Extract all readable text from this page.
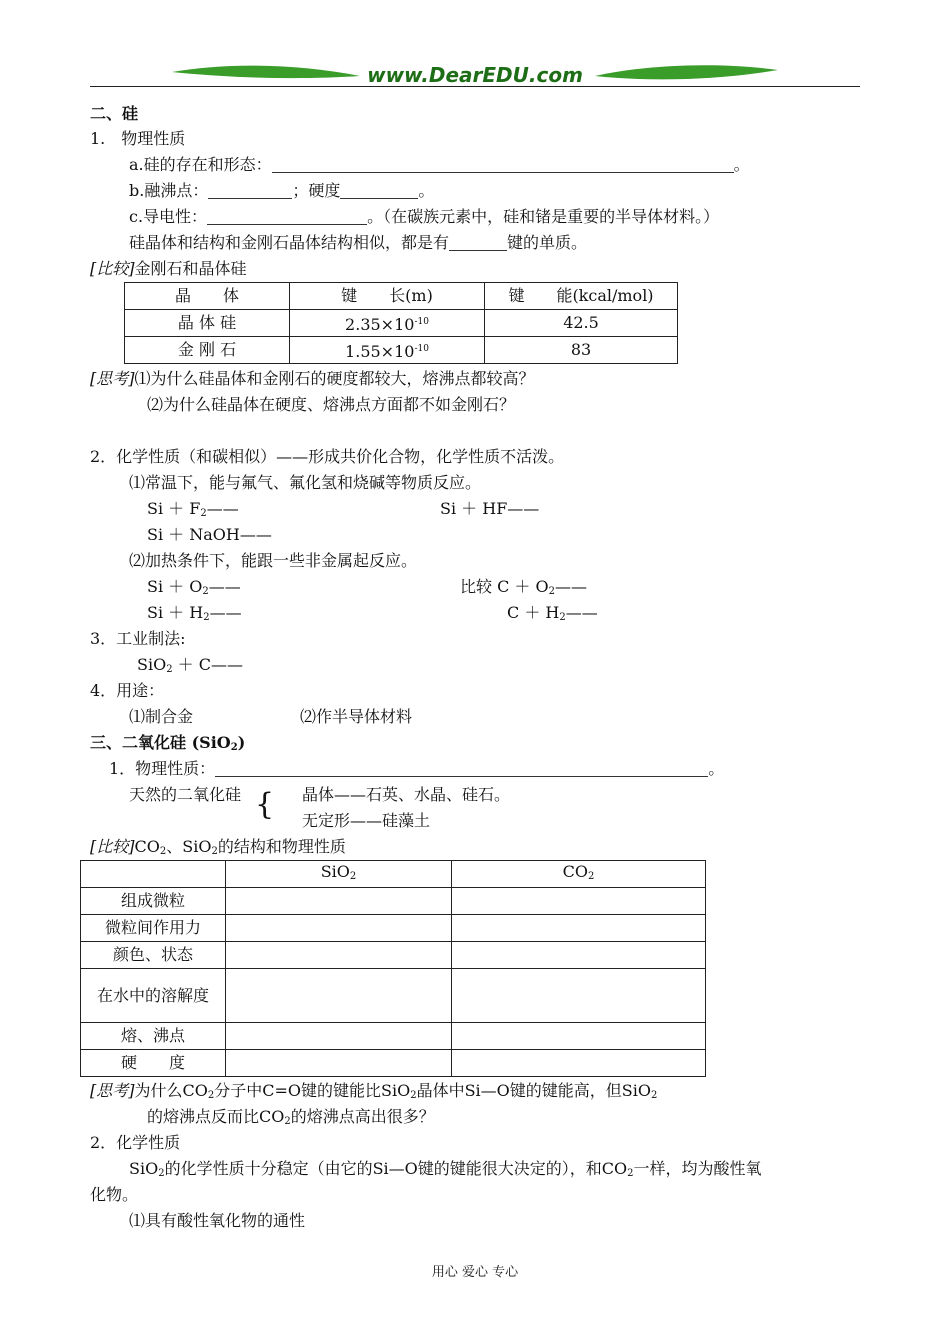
www.DearEDU.com
二、硅
1.　物理性质
a.硅的存在和形态：	。
b.融沸点：	；硬度	。
c.导电性：	。（在碳族元素中，硅和锗是重要的半导体材料。）
硅晶体和结构和金刚石晶体结构相似，都是有	键的单质。
[比较]金刚石和晶体硅
晶　　体	键　　长(m)	键　　能(kcal/mol)
晶 体 硅	$2.35\times 10^{-10}$	42.5
金 刚 石	$1.55\times 10^{-10}$	83
[思考]⑴为什么硅晶体和金刚石的硬度都较大，熔沸点都较高？
⑵为什么硅晶体在硬度、熔沸点方面都不如金刚石？
2．化学性质（和碳相似）——形成共价化合物，化学性质不活泼。
⑴常温下，能与氟气、氟化氢和烧碱等物质反应。
$Si + F_2——$	Si ＋ HF——
Si ＋ NaOH——
⑵加热条件下，能跟一些非金属起反应。
$Si + O_2——$	比较 $C + O_2——$
$Si + H_2——$	$C + H_2——$
3．工业制法:
SiO$_2$ ＋ C——
4．用途：
⑴制合金	⑵作半导体材料
三、二氧化硅 (SiO$_2$)
1．物理性质：	。
天然的二氧化硅 { 晶体——石英、水晶、硅石。
无定形——硅藻土
[比较]$CO_2$、SiO$_2$的结构和物理性质
	SiO$_2$	$CO_2$
组成微粒		
微粒间作用力		
颜色、状态		
在水中的溶解度		
熔、沸点		
硬　　度		
[思考]为什么$CO_2$分子中C=O键的键能比SiO$_2$晶体中Si—O键的键能高，但SiO$_2$
的熔沸点反而比$CO_2$的熔沸点高出很多？
2．化学性质
SiO$_2$的化学性质十分稳定（由它的Si—O键的键能很大决定的），和$CO_2$一样，均为酸性氧
化物。
⑴具有酸性氧化物的通性
用心 爱心 专心
